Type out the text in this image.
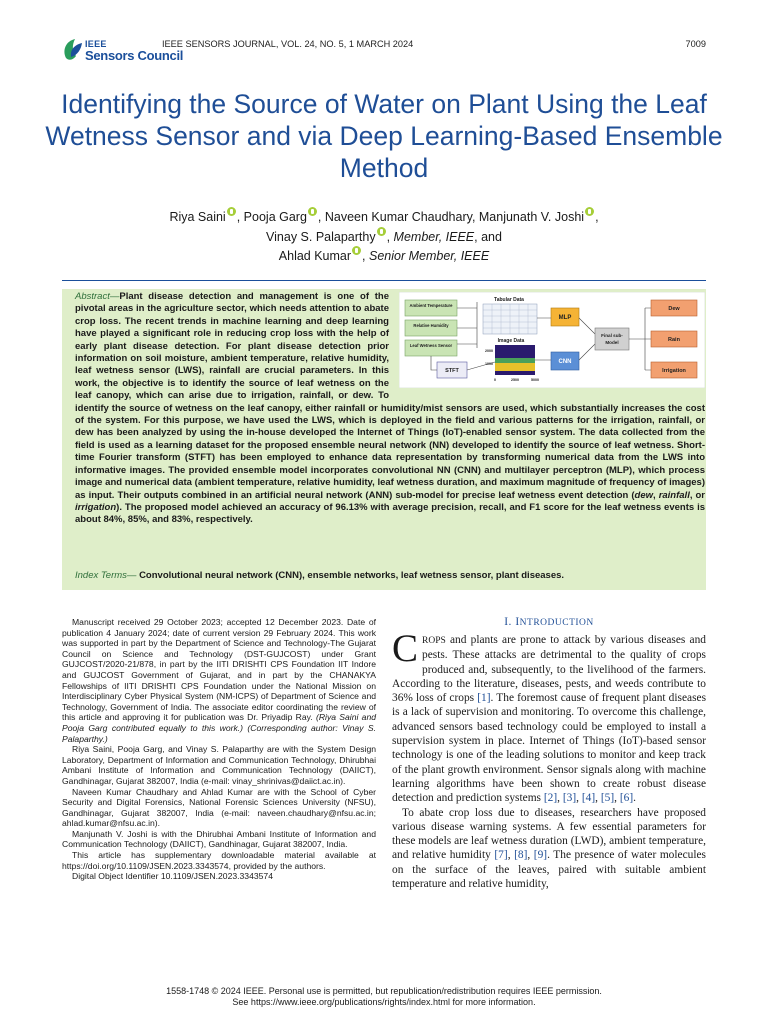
IEEE
Sensors Council
IEEE SENSORS JOURNAL, VOL. 24, NO. 5, 1 MARCH 2024	7009
Identifying the Source of Water on Plant Using the Leaf Wetness Sensor and via Deep Learning-Based Ensemble Method
Riya Saini , Pooja Garg , Naveen Kumar Chaudhary, Manjunath V. Joshi ,
Vinay S. Palaparthy , Member, IEEE, and
Ahlad Kumar , Senior Member, IEEE
Ambient Temperature
Relative Humidity
Leaf Wetness Sensor
Tabular Data
Image Data
2000
1000
0	2500	5000
STFT
MLP
CNN
Final sub-
Model
Dew
Rain
Irrigation
Abstract—Plant disease detection and management is one of the pivotal areas in the agriculture sector, which needs attention to abate crop loss. The recent trends in machine learning and deep learning have played a significant role in reducing crop loss with the help of early plant disease detection. For plant disease detection prior information on soil moisture, ambient temperature, relative humidity, leaf wetness sensor (LWS), rainfall are crucial parameters. In this work, the objective is to identify the source of leaf wetness on the leaf canopy, which can arise due to irrigation, rainfall, or dew. To identify the source of wetness on the leaf canopy, either rainfall or humidity/mist sensors are used, which substantially increases the cost of the system. For this purpose, we have used the LWS, which is deployed in the field and various patterns for the irrigation, rainfall, or dew has been analyzed by using the in-house developed the Internet of Things (IoT)-enabled sensor system. The data collected from the field is used as a learning dataset for the proposed ensemble neural network (NN) developed to identify the source of leaf wetness. Short-time Fourier transform (STFT) has been employed to enhance data representation by transforming numerical data from the LWS into informative images. The provided ensemble model incorporates convolutional NN (CNN) and multilayer perceptron (MLP), which process image and numerical data (ambient temperature, relative humidity, leaf wetness duration, and maximum magnitude of frequency of images) as input. Their outputs combined in an artificial neural network (ANN) sub-model for precise leaf wetness event detection (dew, rainfall, or irrigation). The proposed model achieved an accuracy of 96.13% with average precision, recall, and F1 score for the leaf wetness events is about 84%, 85%, and 83%, respectively.
Index Terms— Convolutional neural network (CNN), ensemble networks, leaf wetness sensor, plant diseases.

Manuscript received 29 October 2023; accepted 12 December 2023. Date of publication 4 January 2024; date of current version 29 February 2024. This work was supported in part by the Department of Science and Technology-The Gujarat Council on Science and Technology (DST-GUJCOST) under Grant GUJCOST/2020-21/878, in part by the IITI DRISHTI CPS Foundation IIT Indore and GUJCOST Government of Gujarat, and in part by the CHANAKYA Fellowships of IITI DRISHTI CPS Foundation under the National Mission on Interdisciplinary Cyber Physical System (NM-ICPS) of Department of Science and Technology, Government of India. The associate editor coordinating the review of this article and approving it for publication was Dr. Priyadip Ray. (Riya Saini and Pooja Garg contributed equally to this work.) (Corresponding author: Vinay S. Palaparthy.)

Riya Saini, Pooja Garg, and Vinay S. Palaparthy are with the System Design Laboratory, Department of Information and Communication Technology, Dhirubhai Ambani Institute of Information and Communication Technology (DAIICT), Gandhinagar, Gujarat 382007, India (e-mail: vinay_shrinivas@daiict.ac.in).

Naveen Kumar Chaudhary and Ahlad Kumar are with the School of Cyber Security and Digital Forensics, National Forensic Sciences University (NFSU), Gandhinagar, Gujarat 382007, India (e-mail: naveen.chaudhary@nfsu.ac.in; ahlad.kumar@nfsu.ac.in).

Manjunath V. Joshi is with the Dhirubhai Ambani Institute of Information and Communication Technology (DAIICT), Gandhinagar, Gujarat 382007, India.

This article has supplementary downloadable material available at https://doi.org/10.1109/JSEN.2023.3343574, provided by the authors.

Digital Object Identifier 10.1109/JSEN.2023.3343574

I. INTRODUCTION

CROPS and plants are prone to attack by various diseases and pests. These attacks are detrimental to the quality of crops produced and, subsequently, to the livelihood of the farmers. According to the literature, diseases, pests, and weeds contribute to 36% loss of crops [1]. The foremost cause of frequent plant diseases is a lack of supervision and monitoring. To overcome this challenge, advanced sensors based technology could be employed to install a supervision system in place. Internet of Things (IoT)-based sensor technology is one of the leading solutions to monitor and keep track of the plant growth environment. Sensor signals along with machine learning algorithms have been shown to create robust disease detection and prediction systems [2], [3], [4], [5], [6].

To abate crop loss due to diseases, researchers have proposed various disease warning systems. A few essential parameters for these models are leaf wetness duration (LWD), ambient temperature, and relative humidity [7], [8], [9]. The presence of water molecules on the surface of the leaves, paired with suitable ambient temperature and relative humidity,

1558-1748 © 2024 IEEE. Personal use is permitted, but republication/redistribution requires IEEE permission.
See https://www.ieee.org/publications/rights/index.html for more information.
